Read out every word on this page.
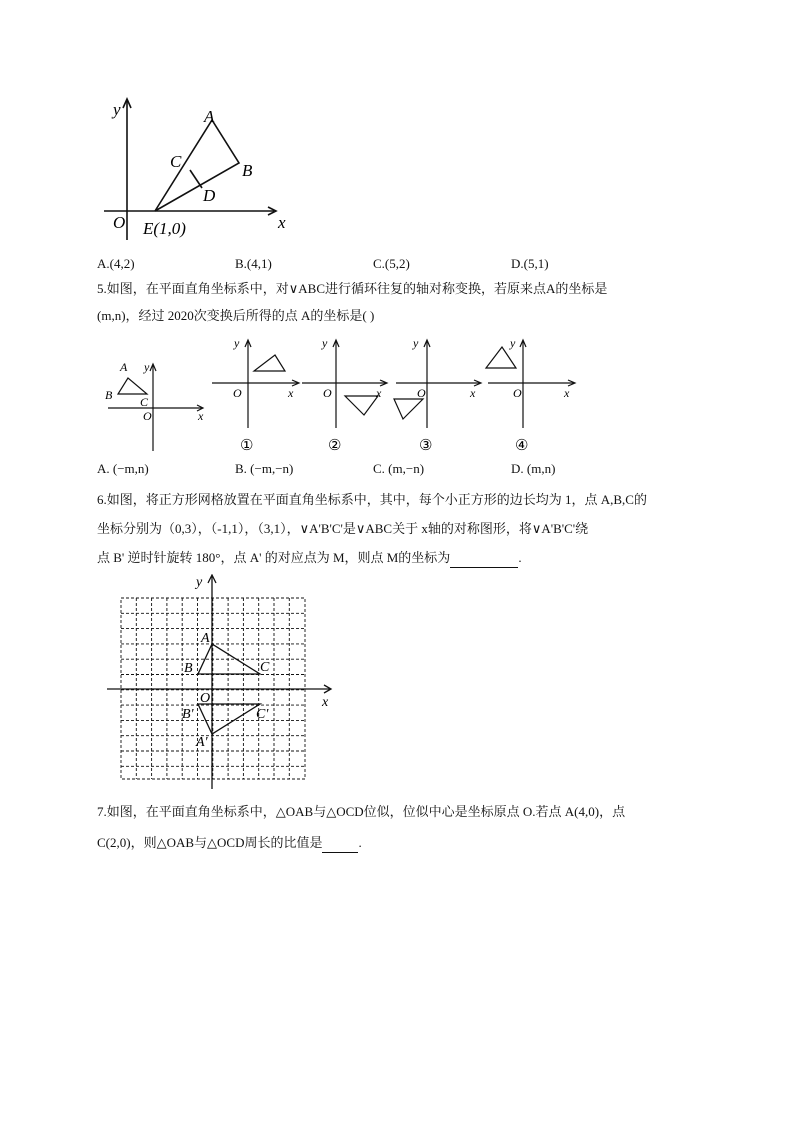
y
x
O
A
B
C
D
E(1,0)
A.(4,2)	B.(4,1)	C.(5,2)	D.(5,1)
5.如图，在平面直角坐标系中，对∨ABC进行循环往复的轴对称变换，若原来点A的坐标是
(m,n)，经过 2020次变换后所得的点 A的坐标是( )
A
B C
y
x
O
y
x
O
y
x
O
y
x
O
y
x
O
①	②	③	④
A. (−m,n)	B. (−m,−n)	C. (m,−n)	D. (m,n)
6.如图，将正方形网格放置在平面直角坐标系中，其中，每个小正方形的边长均为 1，点 A,B,C的
坐标分别为（0,3），（-1,1），（3,1），∨A'B'C'是∨ABC关于 x轴的对称图形，将∨A'B'C'绕
点 B' 逆时针旋转 180°，点 A' 的对应点为 M，则点 M的坐标为	.
y
x
O
A
B	C
B'	C'
A'
7.如图，在平面直角坐标系中，△OAB与△OCD位似，位似中心是坐标原点 O.若点 A(4,0)，点
C(2,0)，则△OAB与△OCD周长的比值是	.
